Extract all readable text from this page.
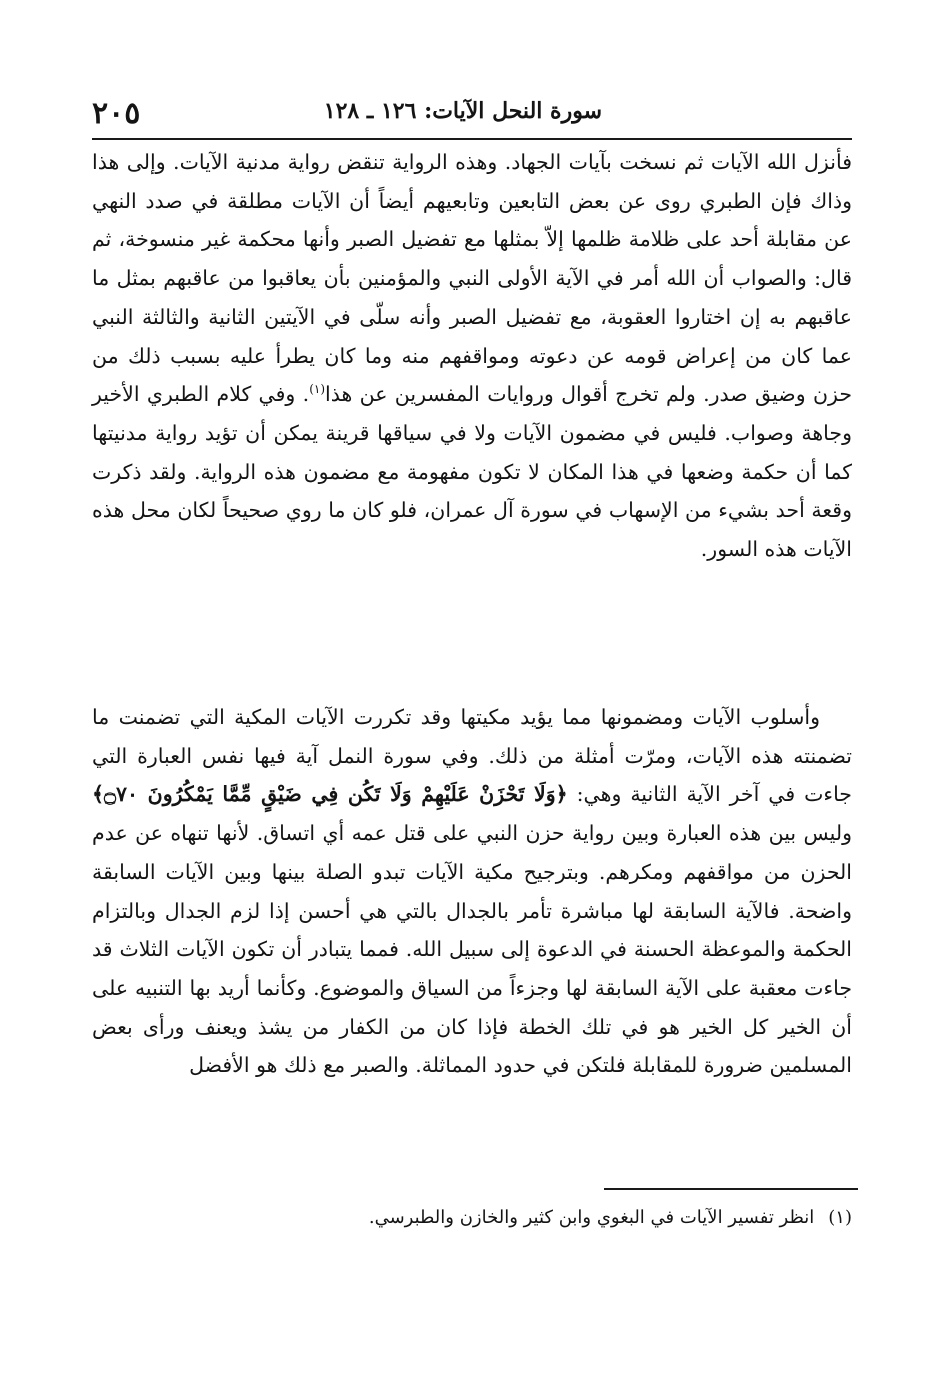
سورة النحل الآيات: ١٢٦ ـ ١٢٨
٢٠٥

فأنزل الله الآيات ثم نسخت بآيات الجهاد. وهذه الرواية تنقض رواية مدنية الآيات. وإلى هذا وذاك فإن الطبري روى عن بعض التابعين وتابعيهم أيضاً أن الآيات مطلقة في صدد النهي عن مقابلة أحد على ظلامة ظلمها إلاّ بمثلها مع تفضيل الصبر وأنها محكمة غير منسوخة، ثم قال: والصواب أن الله أمر في الآية الأولى النبي والمؤمنين بأن يعاقبوا من عاقبهم بمثل ما عاقبهم به إن اختاروا العقوبة، مع تفضيل الصبر وأنه سلّى في الآيتين الثانية والثالثة النبي عما كان من إعراض قومه عن دعوته ومواقفهم منه وما كان يطرأ عليه بسبب ذلك من حزن وضيق صدر. ولم تخرج أقوال وروايات المفسرين عن هذا$^{(١)}$. وفي كلام الطبري الأخير وجاهة وصواب. فليس في مضمون الآيات ولا في سياقها قرينة يمكن أن تؤيد رواية مدنيتها كما أن حكمة وضعها في هذا المكان لا تكون مفهومة مع مضمون هذه الرواية. ولقد ذكرت وقعة أحد بشيء من الإسهاب في سورة آل عمران، فلو كان ما روي صحيحاً لكان محل هذه الآيات هذه السور.

وأسلوب الآيات ومضمونها مما يؤيد مكيتها وقد تكررت الآيات المكية التي تضمنت ما تضمنته هذه الآيات، ومرّت أمثلة من ذلك. وفي سورة النمل آية فيها نفس العبارة التي جاءت في آخر الآية الثانية وهي: ﴿وَلَا تَحْزَنْ عَلَيْهِمْ وَلَا تَكُن فِي ضَيْقٍ مِّمَّا يَمْكُرُونَ ۝٧٠﴾ وليس بين هذه العبارة وبين رواية حزن النبي على قتل عمه أي اتساق. لأنها تنهاه عن عدم الحزن من مواقفهم ومكرهم. وبترجيح مكية الآيات تبدو الصلة بينها وبين الآيات السابقة واضحة. فالآية السابقة لها مباشرة تأمر بالجدال بالتي هي أحسن إذا لزم الجدال وبالتزام الحكمة والموعظة الحسنة في الدعوة إلى سبيل الله. فمما يتبادر أن تكون الآيات الثلاث قد جاءت معقبة على الآية السابقة لها وجزءاً من السياق والموضوع. وكأنما أريد بها التنبيه على أن الخير كل الخير هو في تلك الخطة فإذا كان من الكفار من يشذ ويعنف ورأى بعض المسلمين ضرورة للمقابلة فلتكن في حدود المماثلة. والصبر مع ذلك هو الأفضل

(١)انظر تفسير الآيات في البغوي وابن كثير والخازن والطبرسي.
